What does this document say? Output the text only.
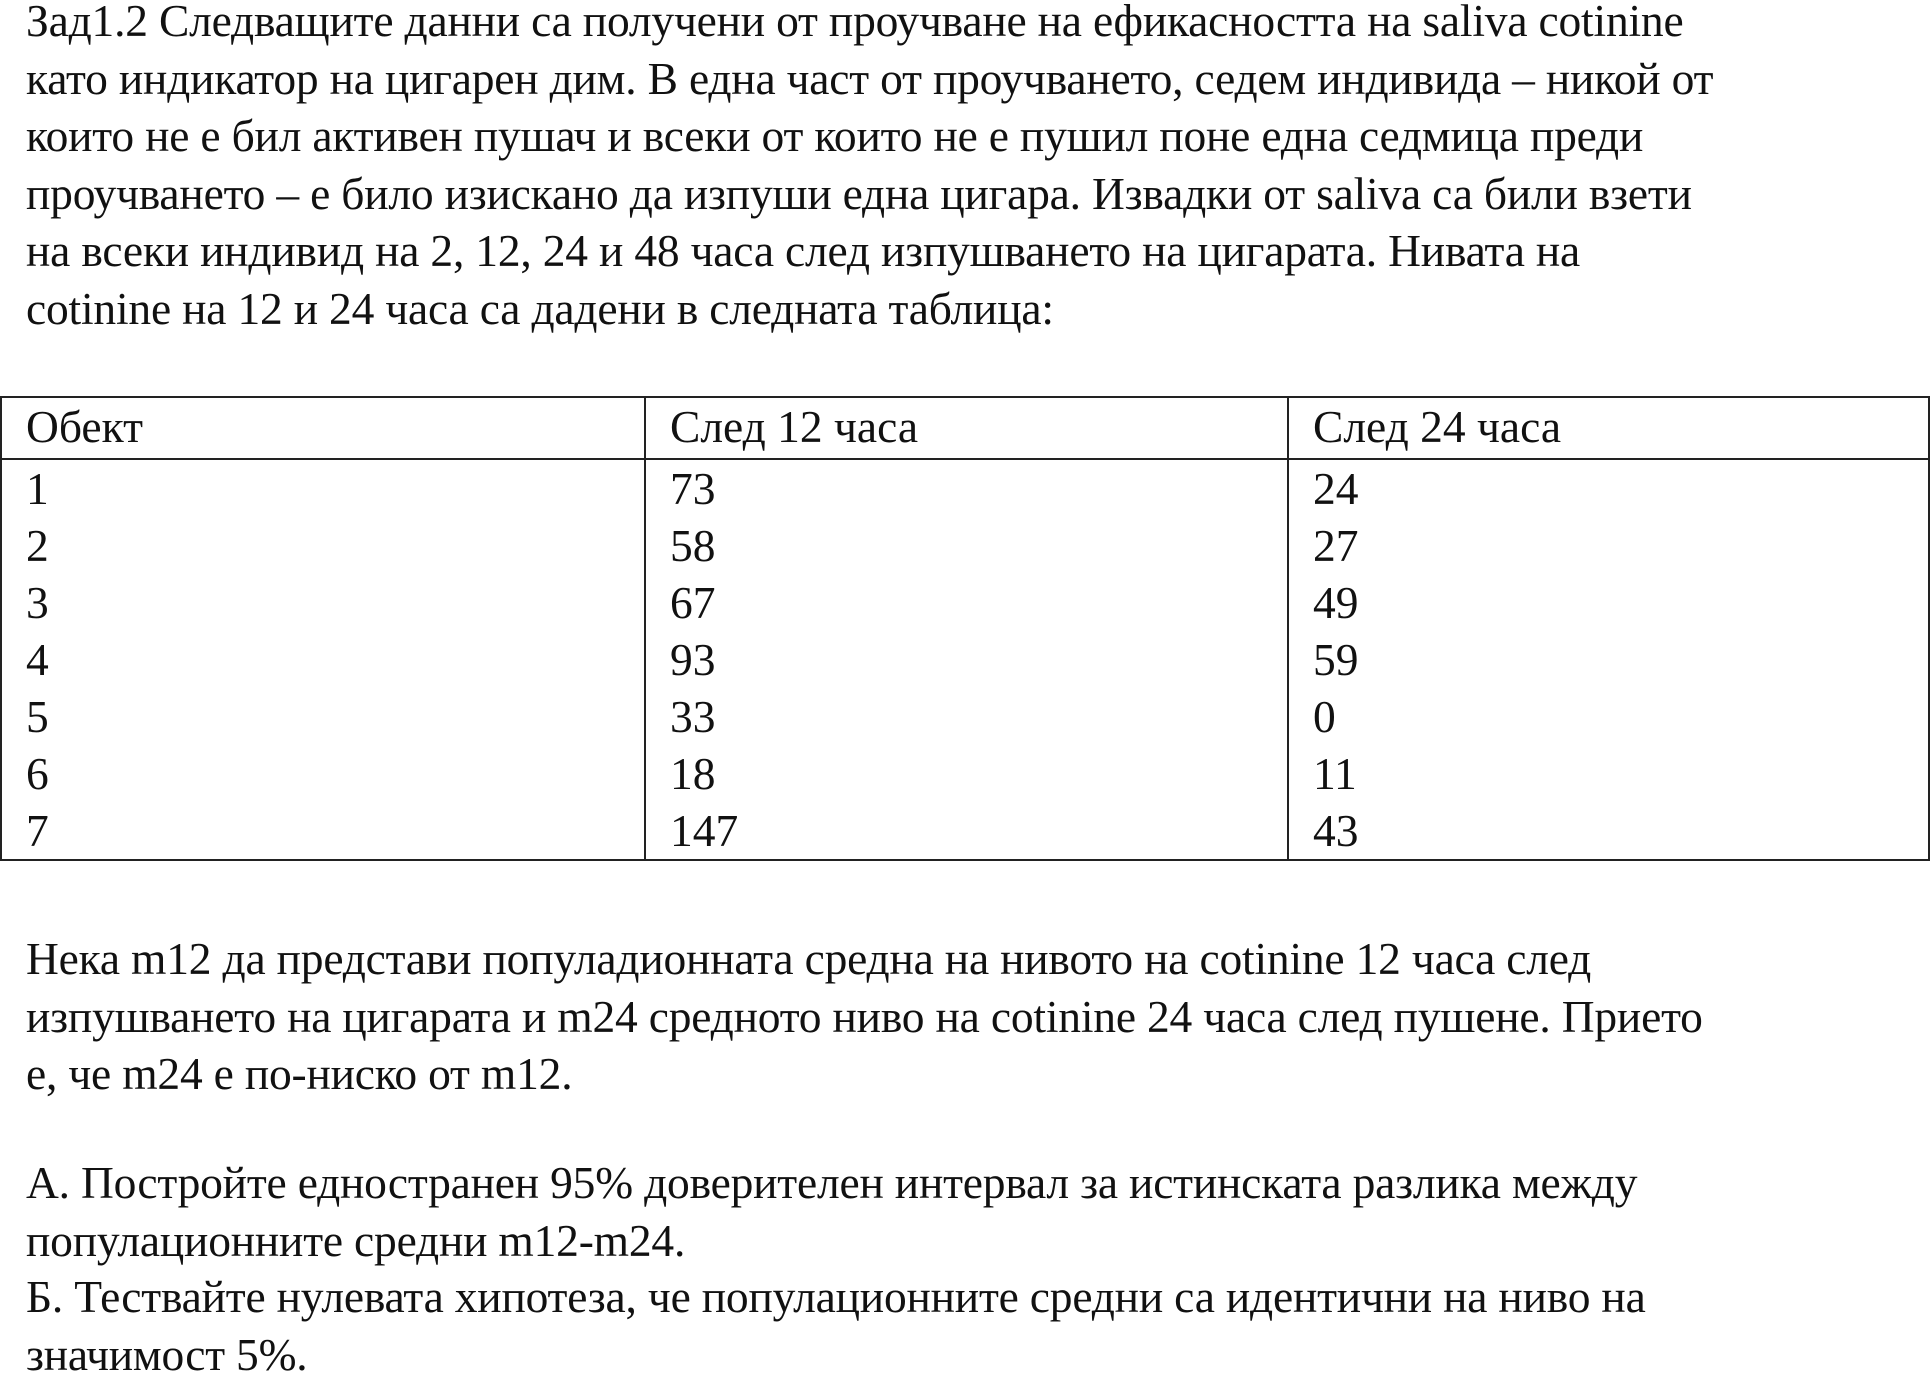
Зад1.2 Следващите данни са получени от проучване на ефикасността на saliva cotinine
като индикатор на цигарен дим. В една част от проучването, седем индивида – никой от
които не е бил активен пушач и всеки от които не е пушил поне една седмица преди
проучването – е било изискано да изпуши една цигара. Извадки от saliva са били взети
на всеки индивид на 2, 12, 24 и 48 часа след изпушването на цигарата. Нивата на
cotinine на 12 и 24 часа са дадени в следната таблица:

Обект	След 12 часа	След 24 часа
1	73	24
2	58	27
3	67	49
4	93	59
5	33	0
6	18	11
7	147	43

Нека m12 да представи популадионната средна на нивото на cotinine 12 часа след
изпушването на цигарата и m24 средното ниво на cotinine 24 часа след пушене. Прието
е, че m24 е по-ниско от m12.

А. Постройте едностранен 95% доверителен интервал за истинската разлика между
популационните средни m12-m24.

Б. Тествайте нулевата хипотеза, че популационните средни са идентични на ниво на
значимост 5%.
